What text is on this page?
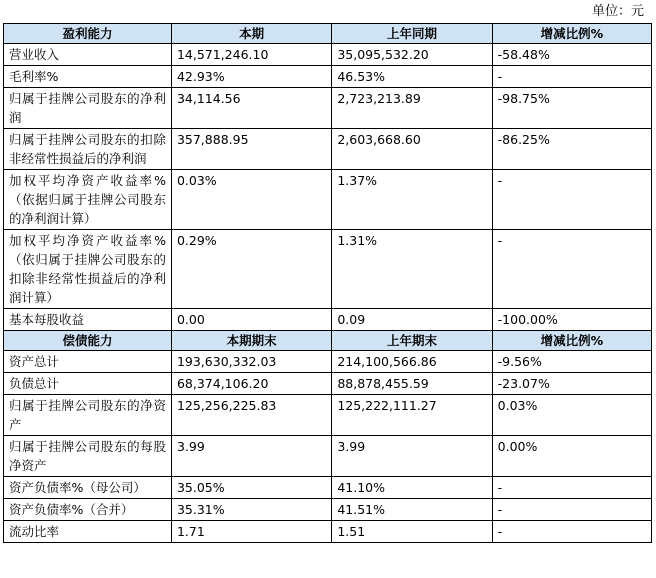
单位：元
盈利能力	本期	上年同期	增减比例%
营业收入	14,571,246.10	35,095,532.20	-58.48%
毛利率%	42.93%	46.53%	-
归属于挂牌公司股东的净利润	34,114.56	2,723,213.89	-98.75%
归属于挂牌公司股东的扣除非经常性损益后的净利润	357,888.95	2,603,668.60	-86.25%
加权平均净资产收益率%（依据归属于挂牌公司股东的净利润计算）	0.03%	1.37%	-
加权平均净资产收益率%（依归属于挂牌公司股东的扣除非经常性损益后的净利润计算）	0.29%	1.31%	-
基本每股收益	0.00	0.09	-100.00%
偿债能力	本期期末	上年期末	增减比例%
资产总计	193,630,332.03	214,100,566.86	-9.56%
负债总计	68,374,106.20	88,878,455.59	-23.07%
归属于挂牌公司股东的净资产	125,256,225.83	125,222,111.27	0.03%
归属于挂牌公司股东的每股净资产	3.99	3.99	0.00%
资产负债率%（母公司）	35.05%	41.10%	-
资产负债率%（合并）	35.31%	41.51%	-
流动比率	1.71	1.51	-
